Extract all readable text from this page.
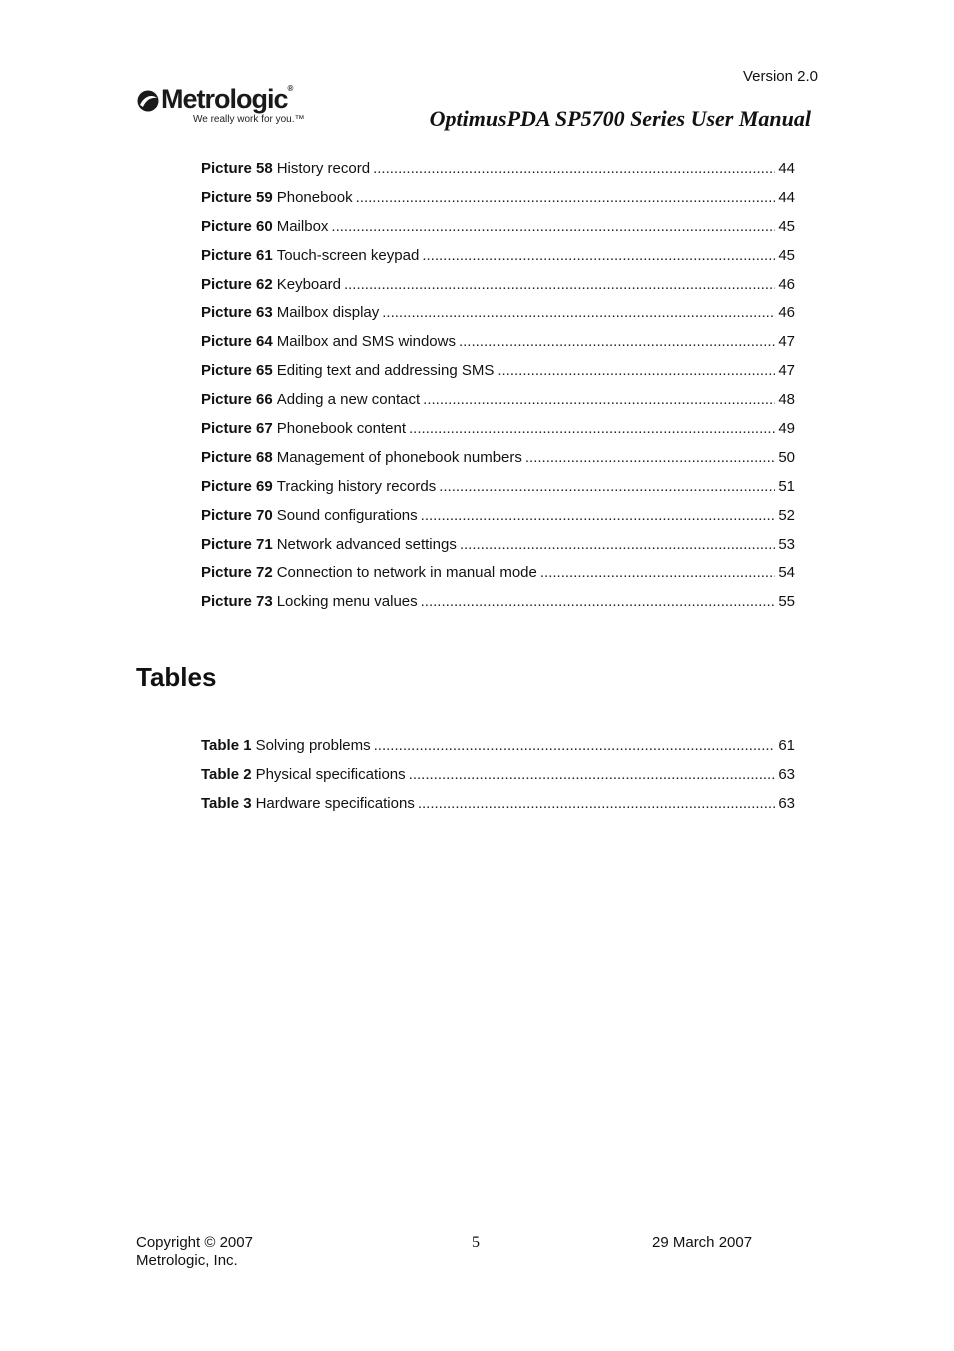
Version 2.0
Metrologic®
We really work for you.™	OptimusPDA SP5700 Series User Manual
Picture 58 History record .....	44
Picture 59 Phonebook .....	44
Picture 60 Mailbox .....	45
Picture 61 Touch-screen keypad .....	45
Picture 62 Keyboard .....	46
Picture 63 Mailbox display .....	46
Picture 64 Mailbox and SMS windows .....	47
Picture 65 Editing text and addressing SMS .....	47
Picture 66 Adding a new contact .....	48
Picture 67 Phonebook content .....	49
Picture 68 Management of phonebook numbers .....	50
Picture 69 Tracking history records .....	51
Picture 70 Sound configurations .....	52
Picture 71 Network advanced settings .....	53
Picture 72 Connection to network in manual mode .....	54
Picture 73 Locking menu values .....	55
Tables
Table 1 Solving problems .....	61
Table 2 Physical specifications .....	63
Table 3 Hardware specifications .....	63
Copyright © 2007
Metrologic, Inc.
5	29 March 2007
